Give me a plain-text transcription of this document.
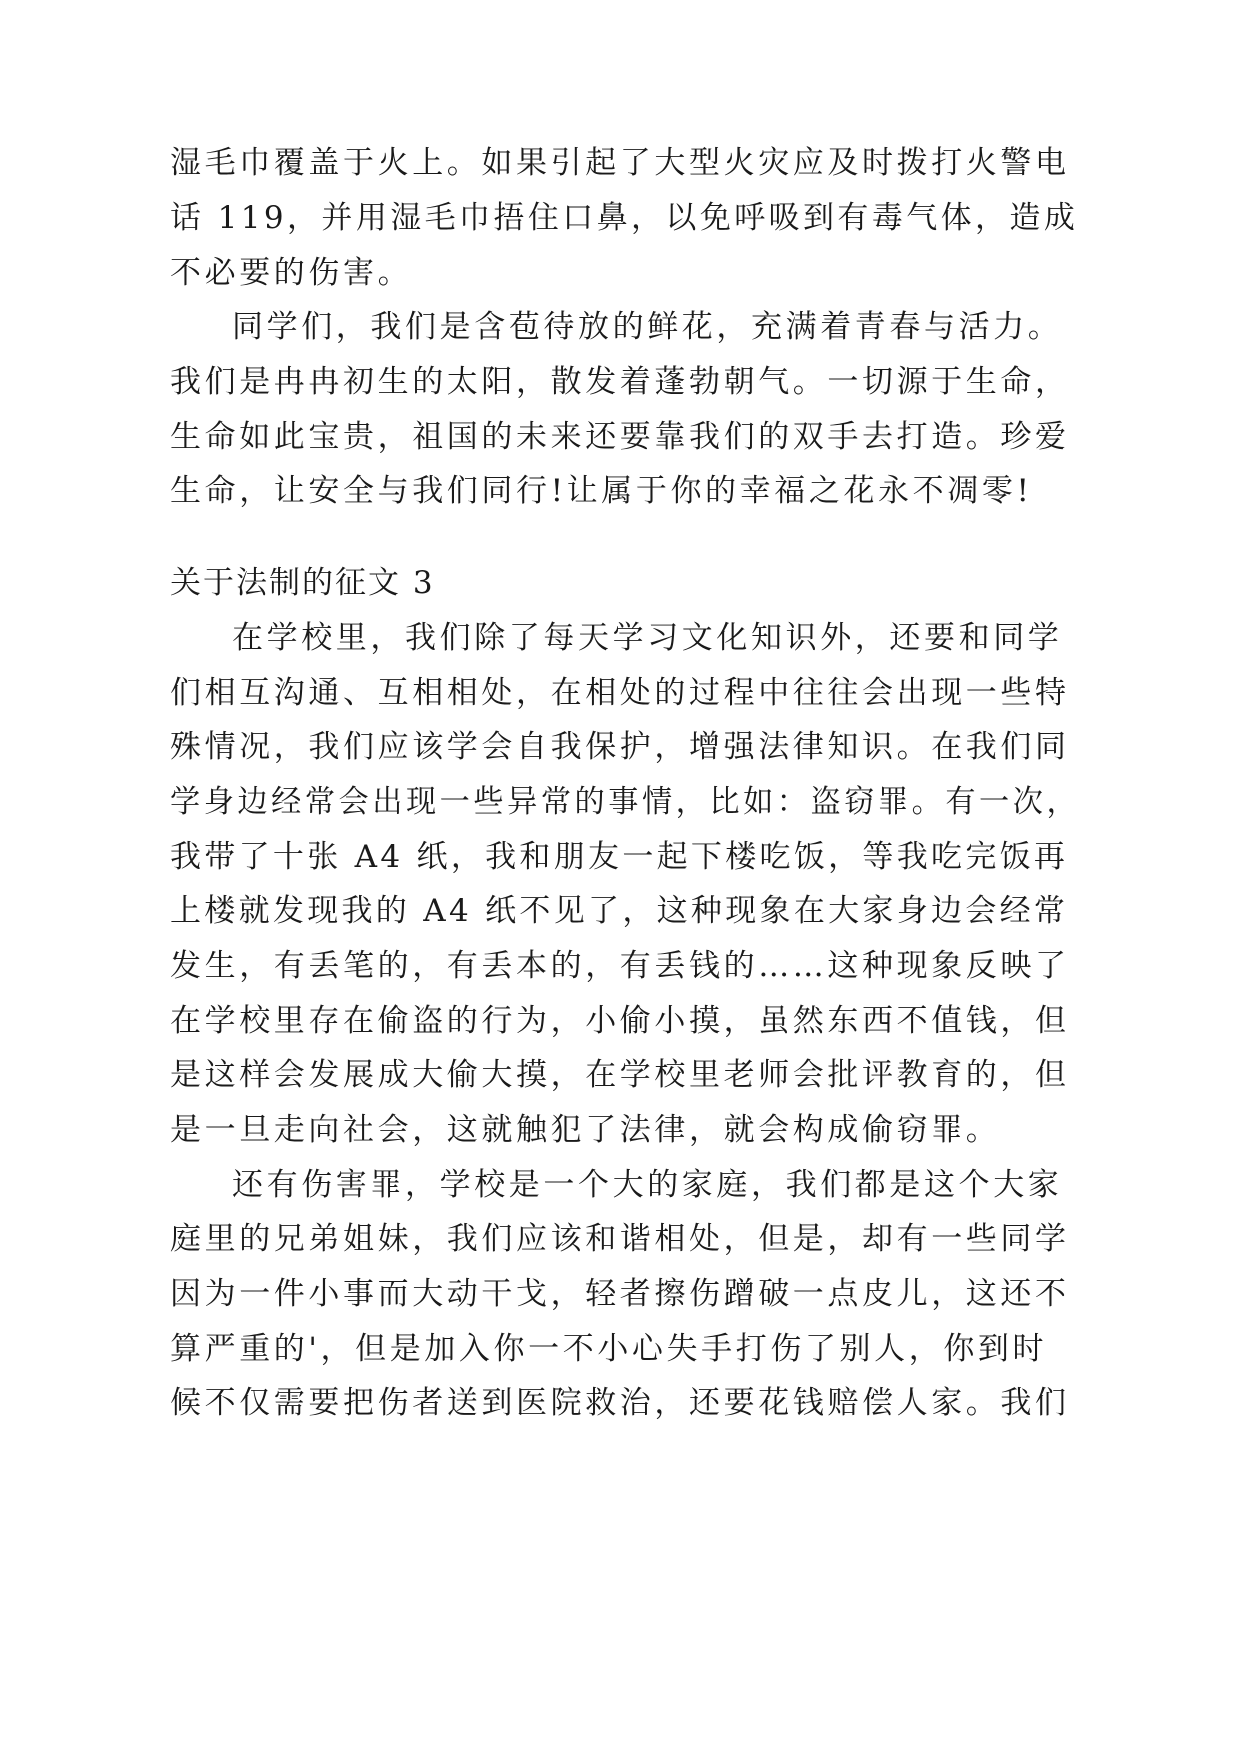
湿毛巾覆盖于火上。如果引起了大型火灾应及时拨打火警电
话 119，并用湿毛巾捂住口鼻，以免呼吸到有毒气体，造成
不必要的伤害。
同学们，我们是含苞待放的鲜花，充满着青春与活力。
我们是冉冉初生的太阳，散发着蓬勃朝气。一切源于生命，
生命如此宝贵，祖国的未来还要靠我们的双手去打造。珍爱
生命，让安全与我们同行!让属于你的幸福之花永不凋零!
关于法制的征文 3
在学校里，我们除了每天学习文化知识外，还要和同学
们相互沟通、互相相处，在相处的过程中往往会出现一些特
殊情况，我们应该学会自我保护，增强法律知识。在我们同
学身边经常会出现一些异常的事情，比如：盗窃罪。有一次，
我带了十张 A4 纸，我和朋友一起下楼吃饭，等我吃完饭再
上楼就发现我的 A4 纸不见了，这种现象在大家身边会经常
发生，有丢笔的，有丢本的，有丢钱的……这种现象反映了
在学校里存在偷盗的行为，小偷小摸，虽然东西不值钱，但
是这样会发展成大偷大摸，在学校里老师会批评教育的，但
是一旦走向社会，这就触犯了法律，就会构成偷窃罪。
还有伤害罪，学校是一个大的家庭，我们都是这个大家
庭里的兄弟姐妹，我们应该和谐相处，但是，却有一些同学
因为一件小事而大动干戈，轻者擦伤蹭破一点皮儿，这还不
算严重的'，但是加入你一不小心失手打伤了别人，你到时
候不仅需要把伤者送到医院救治，还要花钱赔偿人家。我们
